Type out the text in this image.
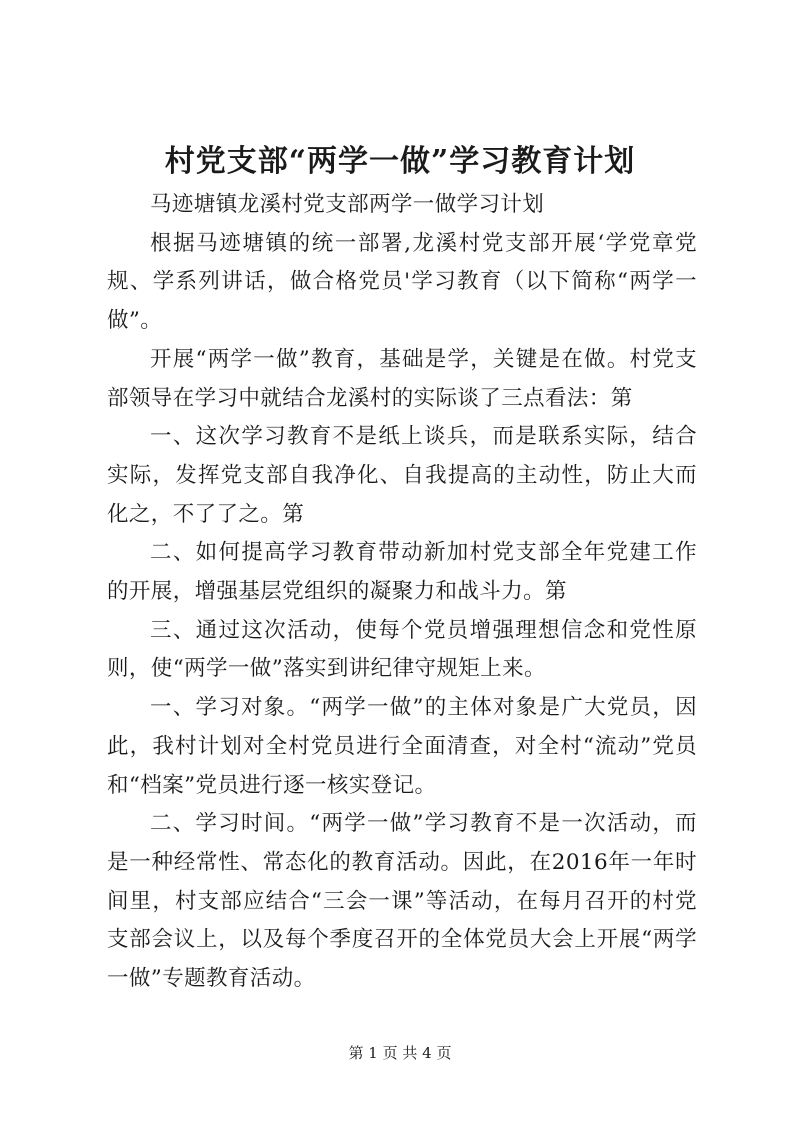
村党支部“两学一做”学习教育计划

马迹塘镇龙溪村党支部两学一做学习计划

根据马迹塘镇的统一部署,龙溪村党支部开展‘学党章党规、学系列讲话，做合格党员'学习教育（以下简称“两学一做”。

开展“两学一做”教育，基础是学，关键是在做。村党支部领导在学习中就结合龙溪村的实际谈了三点看法：第

一、这次学习教育不是纸上谈兵，而是联系实际，结合实际，发挥党支部自我净化、自我提高的主动性，防止大而化之，不了了之。第

二、如何提高学习教育带动新加村党支部全年党建工作的开展，增强基层党组织的凝聚力和战斗力。第

三、通过这次活动，使每个党员增强理想信念和党性原则，使“两学一做”落实到讲纪律守规矩上来。

一、学习对象。“两学一做”的主体对象是广大党员，因此，我村计划对全村党员进行全面清查，对全村“流动”党员和“档案”党员进行逐一核实登记。

二、学习时间。“两学一做”学习教育不是一次活动，而是一种经常性、常态化的教育活动。因此，在2016年一年时间里，村支部应结合“三会一课”等活动，在每月召开的村党支部会议上，以及每个季度召开的全体党员大会上开展“两学一做”专题教育活动。

第 1 页 共 4 页
